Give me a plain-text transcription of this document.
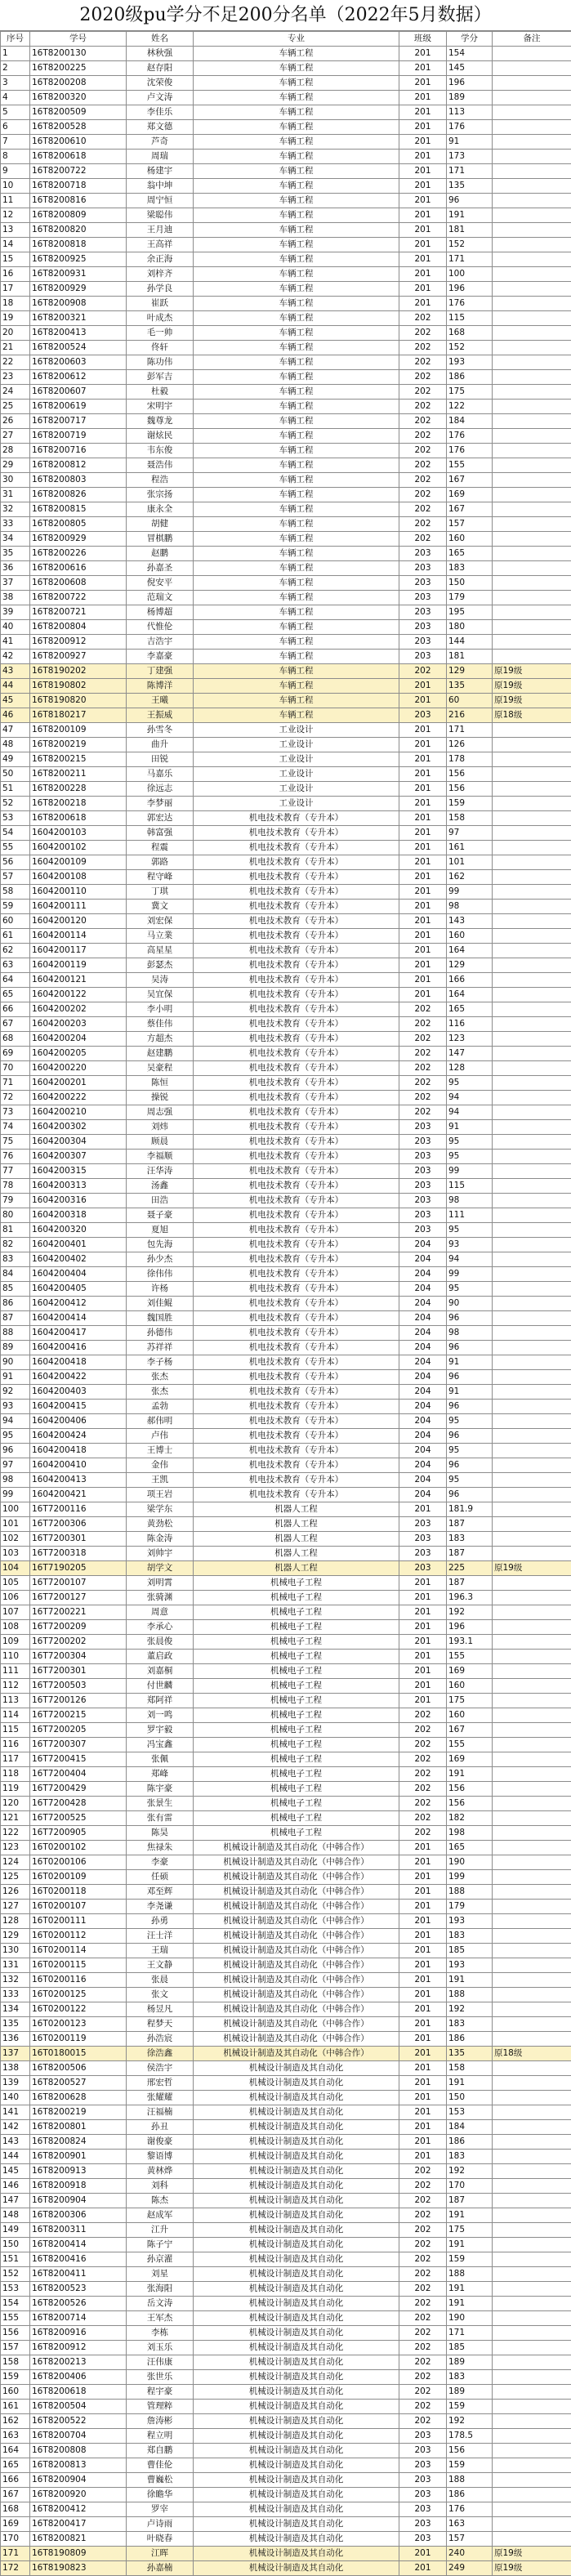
2020级pu学分不足200分名单（2022年5月数据）
序号	学号	姓名	专业	班级	学分	备注
1	16T8200130	林秋强	车辆工程	201	154	
2	16T8200225	赵存阳	车辆工程	201	145	
3	16T8200208	沈荣俊	车辆工程	201	196	
4	16T8200320	卢文涛	车辆工程	201	189	
5	16T8200509	李佳乐	车辆工程	201	113	
6	16T8200528	郑文德	车辆工程	201	176	
7	16T8200610	芦奇	车辆工程	201	91	
8	16T8200618	周瑞	车辆工程	201	173	
9	16T8200722	杨建宇	车辆工程	201	171	
10	16T8200718	翁中坤	车辆工程	201	135	
11	16T8200816	周宁恒	车辆工程	201	96	
12	16T8200809	梁聪伟	车辆工程	201	191	
13	16T8200820	王月迪	车辆工程	201	181	
14	16T8200818	王高祥	车辆工程	201	152	
15	16T8200925	余正海	车辆工程	201	171	
16	16T8200931	刘梓齐	车辆工程	201	100	
17	16T8200929	孙学良	车辆工程	201	196	
18	16T8200908	崔跃	车辆工程	201	176	
19	16T8200321	叶成杰	车辆工程	202	115	
20	16T8200413	毛一帅	车辆工程	202	168	
21	16T8200524	佟轩	车辆工程	202	152	
22	16T8200603	陈功伟	车辆工程	202	193	
23	16T8200612	彭军吉	车辆工程	202	186	
24	16T8200607	杜毅	车辆工程	202	175	
25	16T8200619	宋明宇	车辆工程	202	122	
26	16T8200717	魏尊龙	车辆工程	202	184	
27	16T8200719	谢炫民	车辆工程	202	176	
28	16T8200716	韦东俊	车辆工程	202	176	
29	16T8200812	聂浩伟	车辆工程	202	155	
30	16T8200803	程浩	车辆工程	202	167	
31	16T8200826	张宗扬	车辆工程	202	169	
32	16T8200815	康永全	车辆工程	202	167	
33	16T8200805	胡健	车辆工程	202	157	
34	16T8200929	冒棋鹏	车辆工程	202	160	
35	16T8200226	赵鹏	车辆工程	203	165	
36	16T8200616	孙嘉圣	车辆工程	203	183	
37	16T8200608	倪安平	车辆工程	203	150	
38	16T8200722	范瑞文	车辆工程	203	179	
39	16T8200721	杨博超	车辆工程	203	195	
40	16T8200804	代惟伦	车辆工程	203	180	
41	16T8200912	吉浩宇	车辆工程	203	144	
42	16T8200927	李嘉豪	车辆工程	203	181	
43	16T8190202	丁建强	车辆工程	202	129	原19级
44	16T8190802	陈博洋	车辆工程	201	135	原19级
45	16T8190820	王曦	车辆工程	201	60	原19级
46	16T8180217	王振威	车辆工程	203	216	原18级
47	16T8200109	孙雪冬	工业设计	201	171	
48	16T8200219	曲升	工业设计	201	126	
49	16T8200215	田锐	工业设计	201	178	
50	16T8200211	马嘉乐	工业设计	201	156	
51	16T8200228	徐远志	工业设计	201	156	
52	16T8200218	李梦丽	工业设计	201	159	
53	16T8200618	郭宏达	机电技术教育（专升本）	201	158	
54	1604200103	韩富强	机电技术教育（专升本）	201	97	
55	1604200102	程震	机电技术教育（专升本）	201	161	
56	1604200109	郭路	机电技术教育（专升本）	201	101	
57	1604200108	程守峰	机电技术教育（专升本）	201	162	
58	1604200110	丁琪	机电技术教育（专升本）	201	99	
59	1604200111	冀文	机电技术教育（专升本）	201	98	
60	1604200120	刘宏保	机电技术教育（专升本）	201	143	
61	1604200114	马立業	机电技术教育（专升本）	201	160	
62	1604200117	高星星	机电技术教育（专升本）	201	164	
63	1604200119	彭瑟杰	机电技术教育（专升本）	201	129	
64	1604200121	吴涛	机电技术教育（专升本）	201	166	
65	1604200122	吴宜保	机电技术教育（专升本）	201	164	
66	1604200202	李小明	机电技术教育（专升本）	202	165	
67	1604200203	蔡佳伟	机电技术教育（专升本）	202	116	
68	1604200204	方超杰	机电技术教育（专升本）	202	123	
69	1604200205	赵建鹏	机电技术教育（专升本）	202	147	
70	1604200220	吴豪程	机电技术教育（专升本）	202	128	
71	1604200201	陈恒	机电技术教育（专升本）	202	95	
72	1604200222	操锐	机电技术教育（专升本）	202	94	
73	1604200210	周志强	机电技术教育（专升本）	202	94	
74	1604200302	刘炜	机电技术教育（专升本）	203	91	
75	1604200304	顾晨	机电技术教育（专升本）	203	95	
76	1604200307	李福顺	机电技术教育（专升本）	203	95	
77	1604200315	汪华涛	机电技术教育（专升本）	203	99	
78	1604200313	汤鑫	机电技术教育（专升本）	203	115	
79	1604200316	田浩	机电技术教育（专升本）	203	98	
80	1604200318	聂子豪	机电技术教育（专升本）	203	111	
81	1604200320	夏旭	机电技术教育（专升本）	203	95	
82	1604200401	包先海	机电技术教育（专升本）	204	93	
83	1604200402	孙少杰	机电技术教育（专升本）	204	94	
84	1604200404	徐伟伟	机电技术教育（专升本）	204	99	
85	1604200405	许杨	机电技术教育（专升本）	204	95	
86	1604200412	刘佳鲲	机电技术教育（专升本）	204	90	
87	1604200414	魏国胜	机电技术教育（专升本）	204	96	
88	1604200417	孙德伟	机电技术教育（专升本）	204	98	
89	1604200416	苏祥祥	机电技术教育（专升本）	204	96	
90	1604200418	李子杨	机电技术教育（专升本）	204	91	
91	1604200422	张杰	机电技术教育（专升本）	204	96	
92	1604200403	张杰	机电技术教育（专升本）	204	91	
93	1604200415	孟勃	机电技术教育（专升本）	204	96	
94	1604200406	郝伟明	机电技术教育（专升本）	204	95	
95	1604200424	卢伟	机电技术教育（专升本）	204	96	
96	1604200418	王博士	机电技术教育（专升本）	204	95	
97	1604200410	金伟	机电技术教育（专升本）	204	96	
98	1604200413	王凯	机电技术教育（专升本）	204	95	
99	1604200421	项王岩	机电技术教育（专升本）	204	96	
100	16T7200116	梁学东	机器人工程	201	181.9	
101	16T7200306	黄劲松	机器人工程	203	187	
102	16T7200301	陈金涛	机器人工程	203	183	
103	16T7200318	刘帅宇	机器人工程	203	187	
104	16T7190205	胡学文	机器人工程	203	225	原19级
105	16T7200107	刘明霄	机械电子工程	201	187	
106	16T7200127	张骑渊	机械电子工程	201	196.3	
107	16T7200221	周意	机械电子工程	201	192	
108	16T7200209	李承心	机械电子工程	201	196	
109	16T7200202	张晨俊	机械电子工程	201	193.1	
110	16T7200304	董启政	机械电子工程	201	155	
111	16T7200301	刘嘉桐	机械电子工程	201	169	
112	16T7200503	付世麟	机械电子工程	201	160	
113	16T7200126	郑阿祥	机械电子工程	201	175	
114	16T7200215	刘一鸣	机械电子工程	202	160	
115	16T7200205	罗宇毅	机械电子工程	202	167	
116	16T7200307	冯宝鑫	机械电子工程	202	155	
117	16T7200415	张佩	机械电子工程	202	169	
118	16T7200404	郑峰	机械电子工程	202	191	
119	16T7200429	陈宇豪	机械电子工程	202	156	
120	16T7200428	张景生	机械电子工程	202	156	
121	16T7200525	张有雷	机械电子工程	202	182	
122	16T7200905	陈昊	机械电子工程	202	198	
123	16T0200102	焦禄朱	机械设计制造及其自动化（中韩合作）	201	165	
124	16T0200106	李豪	机械设计制造及其自动化（中韩合作）	201	190	
125	16T0200109	任硕	机械设计制造及其自动化（中韩合作）	201	199	
126	16T0200118	邓至辉	机械设计制造及其自动化（中韩合作）	201	188	
127	16T0200107	李尧谦	机械设计制造及其自动化（中韩合作）	201	179	
128	16T0200111	孙勇	机械设计制造及其自动化（中韩合作）	201	193	
129	16T0200112	汪士洋	机械设计制造及其自动化（中韩合作）	201	183	
130	16T0200114	王瑞	机械设计制造及其自动化（中韩合作）	201	185	
131	16T0200115	王文静	机械设计制造及其自动化（中韩合作）	201	193	
132	16T0200116	张晨	机械设计制造及其自动化（中韩合作）	201	191	
133	16T0200125	张文	机械设计制造及其自动化（中韩合作）	201	188	
134	16T0200122	杨昱凡	机械设计制造及其自动化（中韩合作）	201	192	
135	16T0200123	程梦天	机械设计制造及其自动化（中韩合作）	201	183	
136	16T0200119	孙浩宸	机械设计制造及其自动化（中韩合作）	201	186	
137	16T0180015	徐浩鑫	机械设计制造及其自动化（中韩合作）	201	135	原18级
138	16T8200506	侯浩宇	机械设计制造及其自动化	201	158	
139	16T8200527	邢宏哲	机械设计制造及其自动化	201	191	
140	16T8200628	张耀耀	机械设计制造及其自动化	201	150	
141	16T8200219	汪福楠	机械设计制造及其自动化	201	153	
142	16T8200801	孙丑	机械设计制造及其自动化	201	184	
143	16T8200824	谢俊豪	机械设计制造及其自动化	201	186	
144	16T8200901	黎语博	机械设计制造及其自动化	201	183	
145	16T8200913	黄林烨	机械设计制造及其自动化	202	192	
146	16T8200918	刘科	机械设计制造及其自动化	202	170	
147	16T8200904	陈杰	机械设计制造及其自动化	202	187	
148	16T8200306	赵成军	机械设计制造及其自动化	202	191	
149	16T8200311	江升	机械设计制造及其自动化	202	175	
150	16T8200414	陈子宁	机械设计制造及其自动化	202	191	
151	16T8200416	孙京濯	机械设计制造及其自动化	202	159	
152	16T8200411	刘星	机械设计制造及其自动化	202	188	
153	16T8200523	张海阳	机械设计制造及其自动化	202	191	
154	16T8200526	岳文涛	机械设计制造及其自动化	202	191	
155	16T8200714	王军杰	机械设计制造及其自动化	202	190	
156	16T8200916	李栋	机械设计制造及其自动化	202	171	
157	16T8200912	刘玉乐	机械设计制造及其自动化	202	185	
158	16T8200213	汪伟康	机械设计制造及其自动化	202	189	
159	16T8200406	张世乐	机械设计制造及其自动化	202	183	
160	16T8200618	程宇豪	机械设计制造及其自动化	202	189	
161	16T8200504	管理粹	机械设计制造及其自动化	202	159	
162	16T8200522	詹涛彬	机械设计制造及其自动化	202	192	
163	16T8200704	程立明	机械设计制造及其自动化	203	178.5	
164	16T8200808	郑自鹏	机械设计制造及其自动化	203	156	
165	16T8200813	曹佳伦	机械设计制造及其自动化	203	159	
166	16T8200904	曹巍松	机械设计制造及其自动化	203	188	
167	16T8200920	徐瞻华	机械设计制造及其自动化	203	186	
168	16T8200412	罗宰	机械设计制造及其自动化	203	176	
169	16T8200417	卢诗雨	机械设计制造及其自动化	203	163	
170	16T8200821	叶晓春	机械设计制造及其自动化	203	157	
171	16T8190809	江晖	机械设计制造及其自动化	201	240	原19级
172	16T8190823	孙嘉楠	机械设计制造及其自动化	201	249	原19级
